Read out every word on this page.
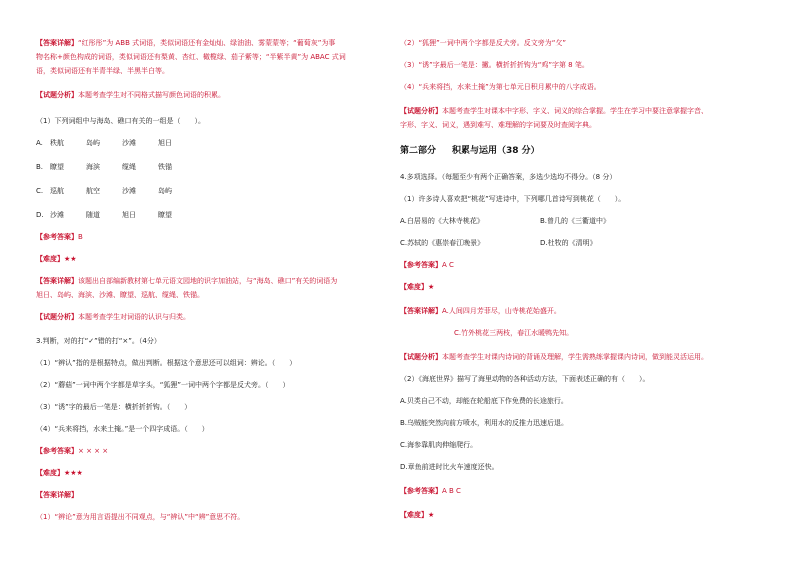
【答案详解】“红彤彤”为 ABB 式词语，类似词语还有金灿灿、绿油油、雾蒙蒙等；“葡萄灰”为事
物名称+颜色构成的词语，类似词语还有梨黄、杏红、橄榄绿、茄子紫等；“半紫半黄”为 ABAC 式词
语，类似词语还有半青半绿、半黑半白等。
【试题分析】本题考查学生对不同格式描写颜色词语的积累。
（1）下列词组中与海岛、礁口有关的一组是（　　）。
A. 秩航	岛屿	沙滩	旭日
B. 瞭望	海滨	缆绳	铁锚
C. 巡航	航空	沙滩	岛屿
D. 沙滩	随道	旭日	瞭望
【参考答案】B
【难度】★★
【答案详解】该题出自部编新教材第七单元语文园地的识字加油站，与“海岛、礁口”有关的词语为
旭日、岛屿、海滨、沙滩、瞭望、巡航、缆绳、铁锚。
【试题分析】本题考查学生对词语的认识与归类。
3.判断，对的打“✓”错的打“×”。（4分）
（1）“辨认”指的是根据特点，做出判断。根据这个意思还可以组词：辨论。（　　）
（2）“蘑菇”一词中两个字都是草字头，“狐狸”一词中两个字都是反犬旁。（　　）
（3）“诱”字的最后一笔是：横折折折钩。（　　）
（4）“兵来将挡，水来土掩。”是一个四字成语。（　　）
【参考答案】× × × ×
【难度】★★★
【答案详解】
（1）“辨论”意为用言语提出不同观点，与“辨认”中“辨”意思不符。
（2）“狐狸”一词中两个字都是反犬旁。反文旁为“攵”
（3）“诱”字最后一笔是：撇。横折折折钩为“鸡”字第 8 笔。
（4）“兵来将挡，水来土掩”为第七单元日积月累中的八字成语。
【试题分析】本题考查学生对课本中字形、字义、词义的综合掌握。学生在学习中要注意掌握字音、
字形、字义、词义，遇到难写、难理解的字词要及时查阅字典。
第二部分 积累与运用（38 分）
4.多项选择。（每题至少有两个正确答案，多选少选均不得分。（8 分）
（1）许多诗人喜欢把“桃花”写进诗中，下列哪几首诗写到桃花（　　）。
A.白居易的《大林寺桃花》	B.曾几的《三衢道中》
C.苏轼的《惠崇春江晚景》	D.杜牧的《清明》
【参考答案】A C
【难度】★
【答案详解】A.人间四月芳菲尽，山寺桃花始盛开。
C.竹外桃花三两枝，春江水暖鸭先知。
【试题分析】本题考查学生对课内诗词的背诵及理解，学生需熟练掌握课内诗词，做到能灵活运用。
（2）《海底世界》描写了海里动物的各种活动方法，下面表述正确的有（　　）。
A.贝类自己不动，却能在轮船底下作免费的长途旅行。
B.乌贼能突然向前方喷水，利用水的反推力迅速后退。
C.海参靠肌肉伸缩爬行。
D.章鱼前进时比火车速度还快。
【参考答案】A B C
【难度】★
